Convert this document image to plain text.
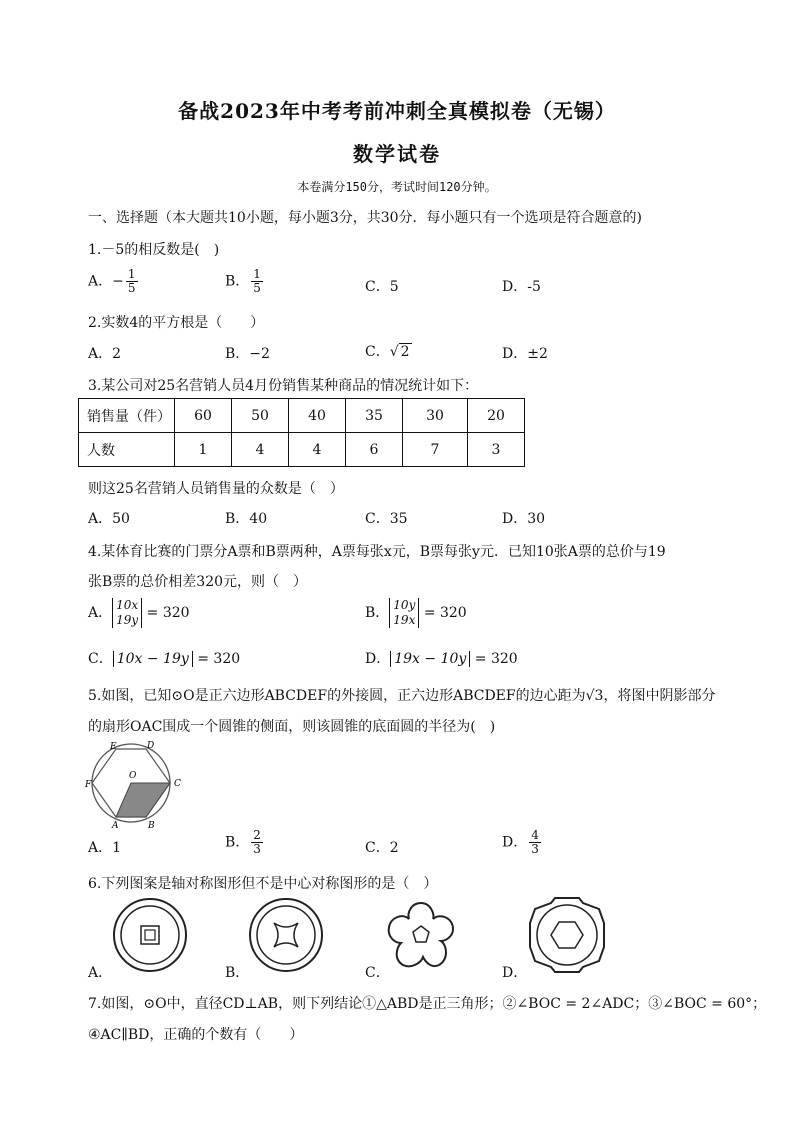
备战2023年中考考前冲刺全真模拟卷（无锡）
数学试卷
本卷满分150分，考试时间120分钟。
一、选择题（本大题共10小题，每小题3分，共30分．每小题只有一个选项是符合题意的)
1.－5的相反数是(　)
A．− $\frac{1}{5}$	B． $\frac{1}{5}$	C．5	D．-5
2.实数4的平方根是（　　）
A．2	B．−2	C．√ 2	D．±2
3.某公司对25名营销人员4月份销售某种商品的情况统计如下：
销售量（件）	60	50	40	35	30	20
人数	1	4	4	6	7	3
则这25名营销人员销售量的众数是（　）
A．50	B．40	C．35	D．30
4.某体育比赛的门票分A票和B票两种，A票每张x元，B票每张y元．已知10张A票的总价与19
张B票的总价相差320元，则（　）
A． 10x
19y = 320	B． 10y
19x = 320
C． 10x − 19y = 320	D． 19x − 10y = 320
5.如图，已知⊙O是正六边形ABCDEF的外接圆，正六边形ABCDEF的边心距为√3，将图中阴影部分
的扇形OAC围成一个圆锥的侧面，则该圆锥的底面圆的半径为(　)
E	D
F
O
C
A	B
A．1	B． $\frac{2}{3}$	C．2	D． $\frac{4}{3}$
6.下列图案是轴对称图形但不是中心对称图形的是（　）
A．	B．	C．	D．
7.如图，⊙O中，直径CD⊥AB，则下列结论①△ABD是正三角形；②∠BOC = 2∠ADC；③∠BOC = 60°；
④AC∥BD，正确的个数有（　　）
